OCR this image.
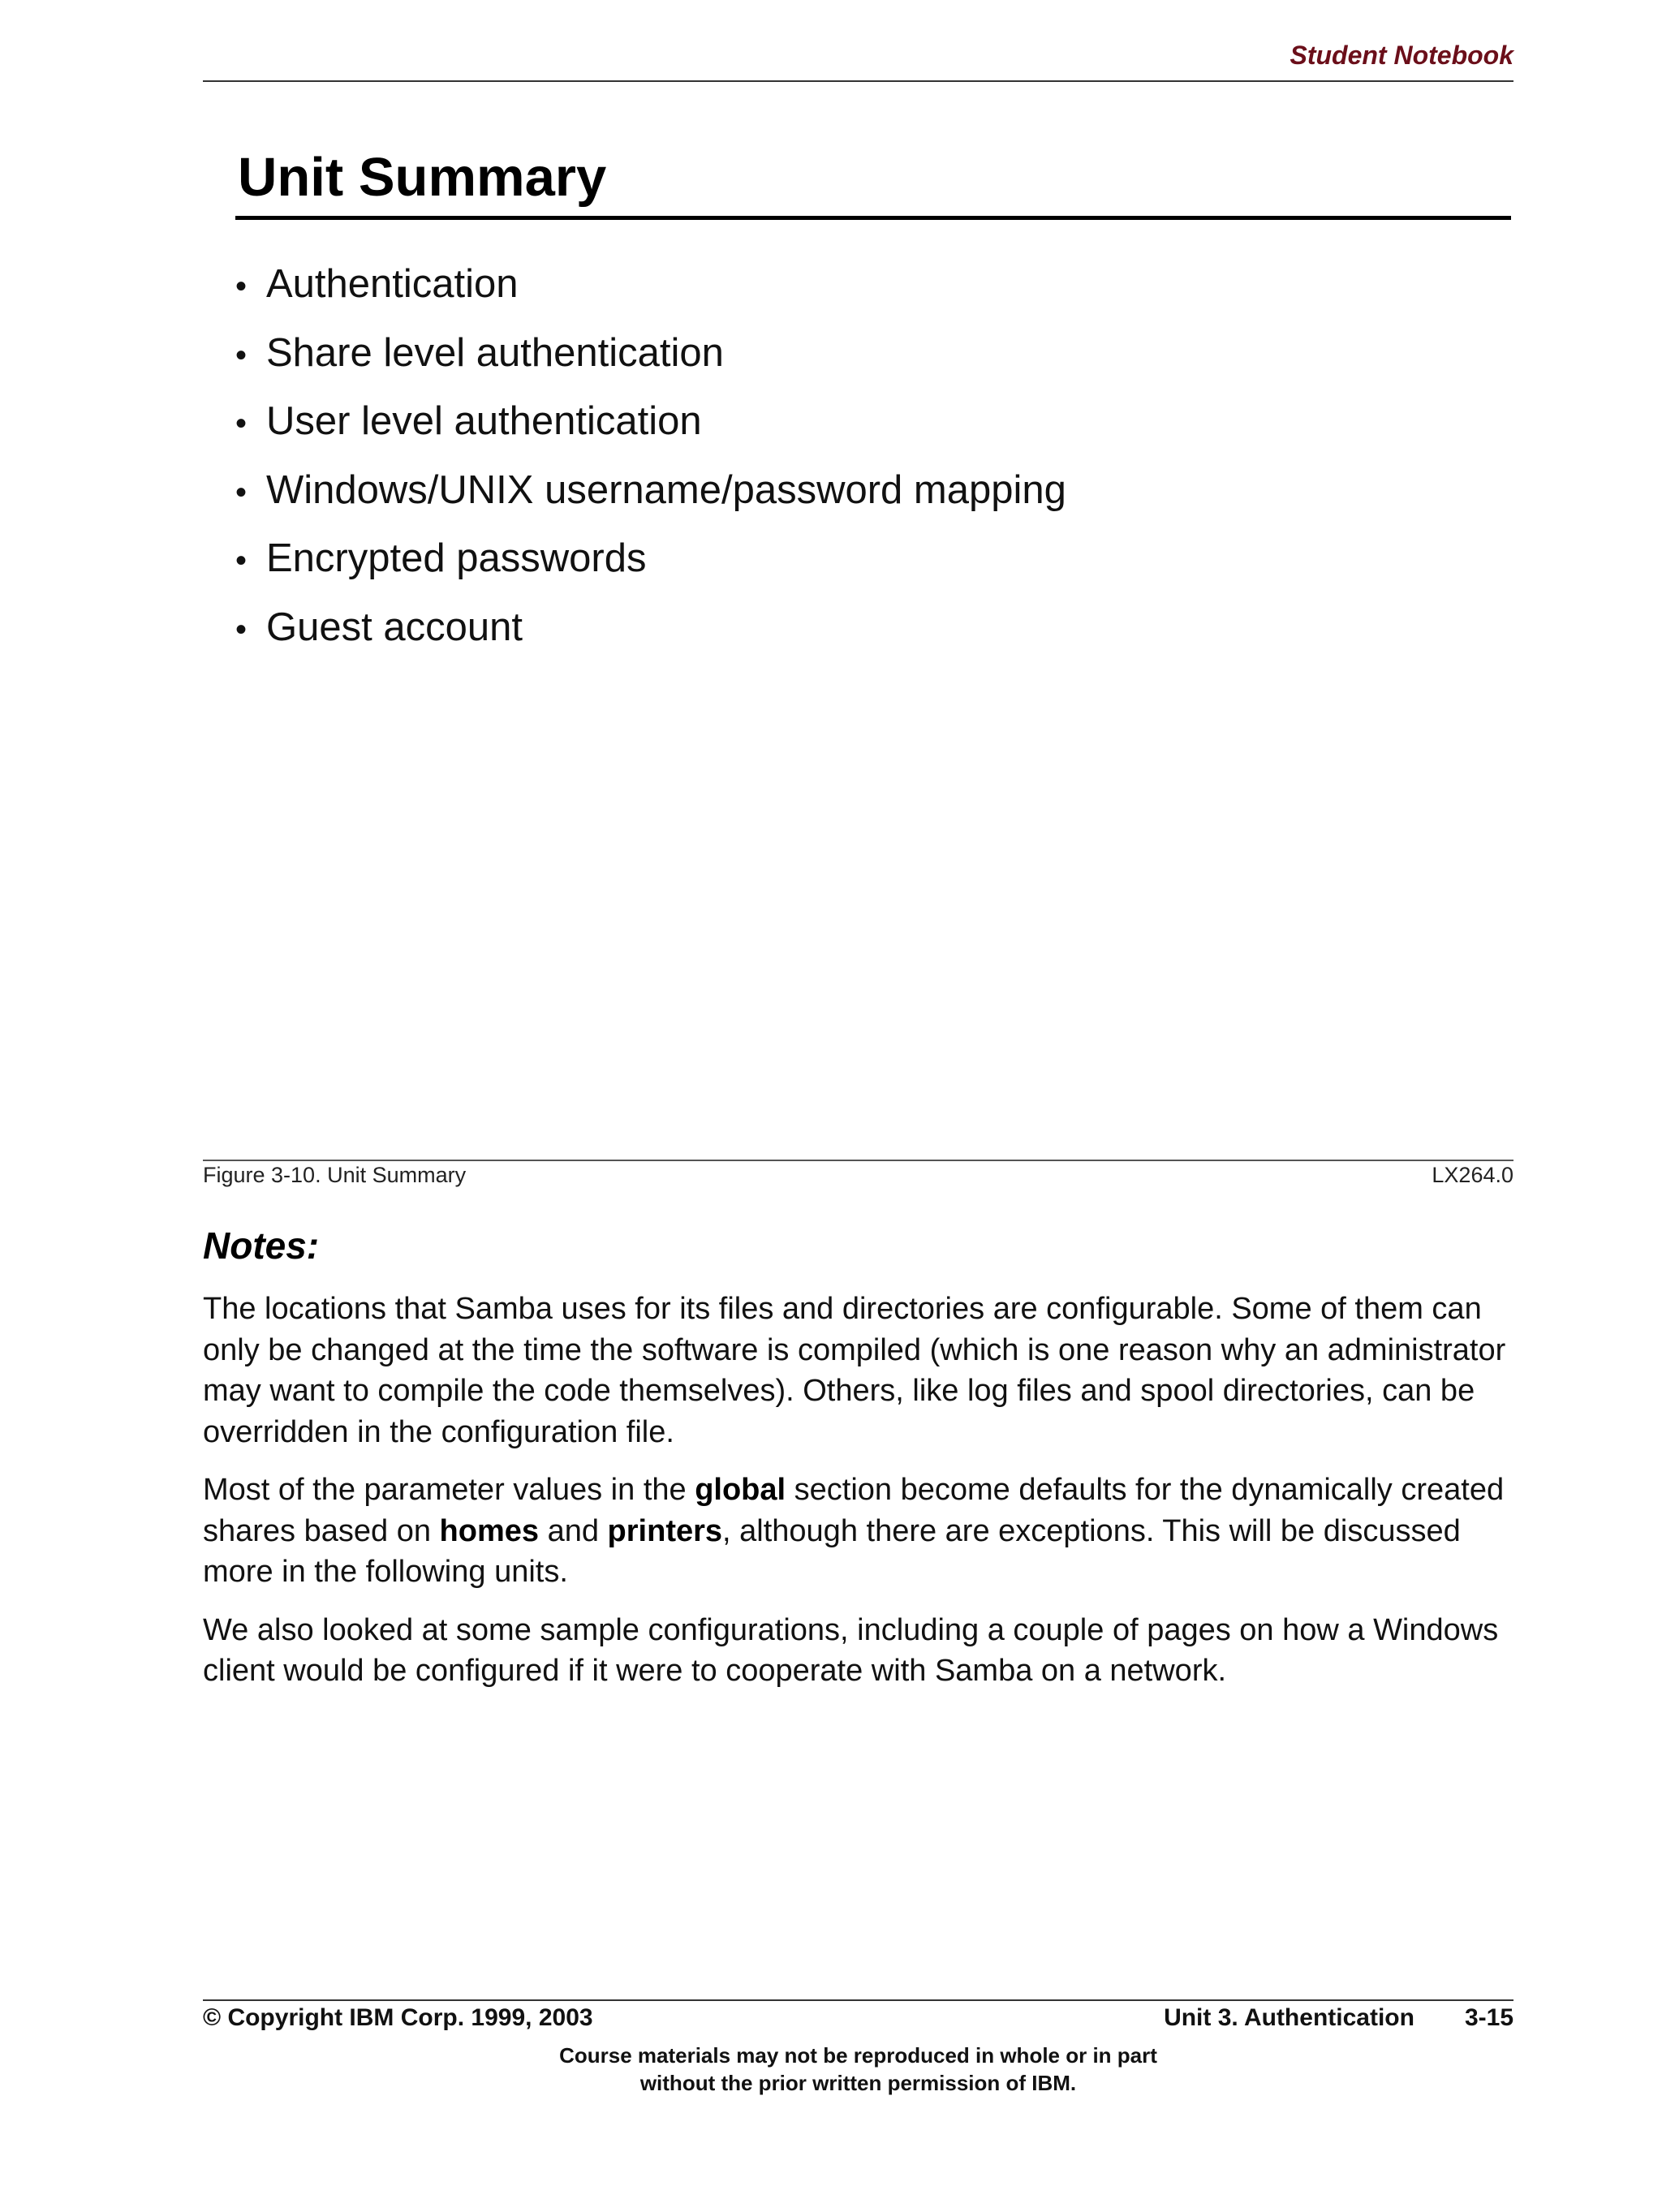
Student Notebook
Unit Summary
• Authentication
• Share level authentication
• User level authentication
• Windows/UNIX username/password mapping
• Encrypted passwords
• Guest account
Figure 3-10. Unit Summary	LX264.0
Notes:

The locations that Samba uses for its files and directories are configurable. Some of them can only be changed at the time the software is compiled (which is one reason why an administrator may want to compile the code themselves). Others, like log files and spool directories, can be overridden in the configuration file.

Most of the parameter values in the global section become defaults for the dynamically created shares based on homes and printers, although there are exceptions. This will be discussed more in the following units.

We also looked at some sample configurations, including a couple of pages on how a Windows client would be configured if it were to cooperate with Samba on a network.

© Copyright IBM Corp. 1999, 2003	Unit 3. Authentication 3-15
Course materials may not be reproduced in whole or in part
without the prior written permission of IBM.
